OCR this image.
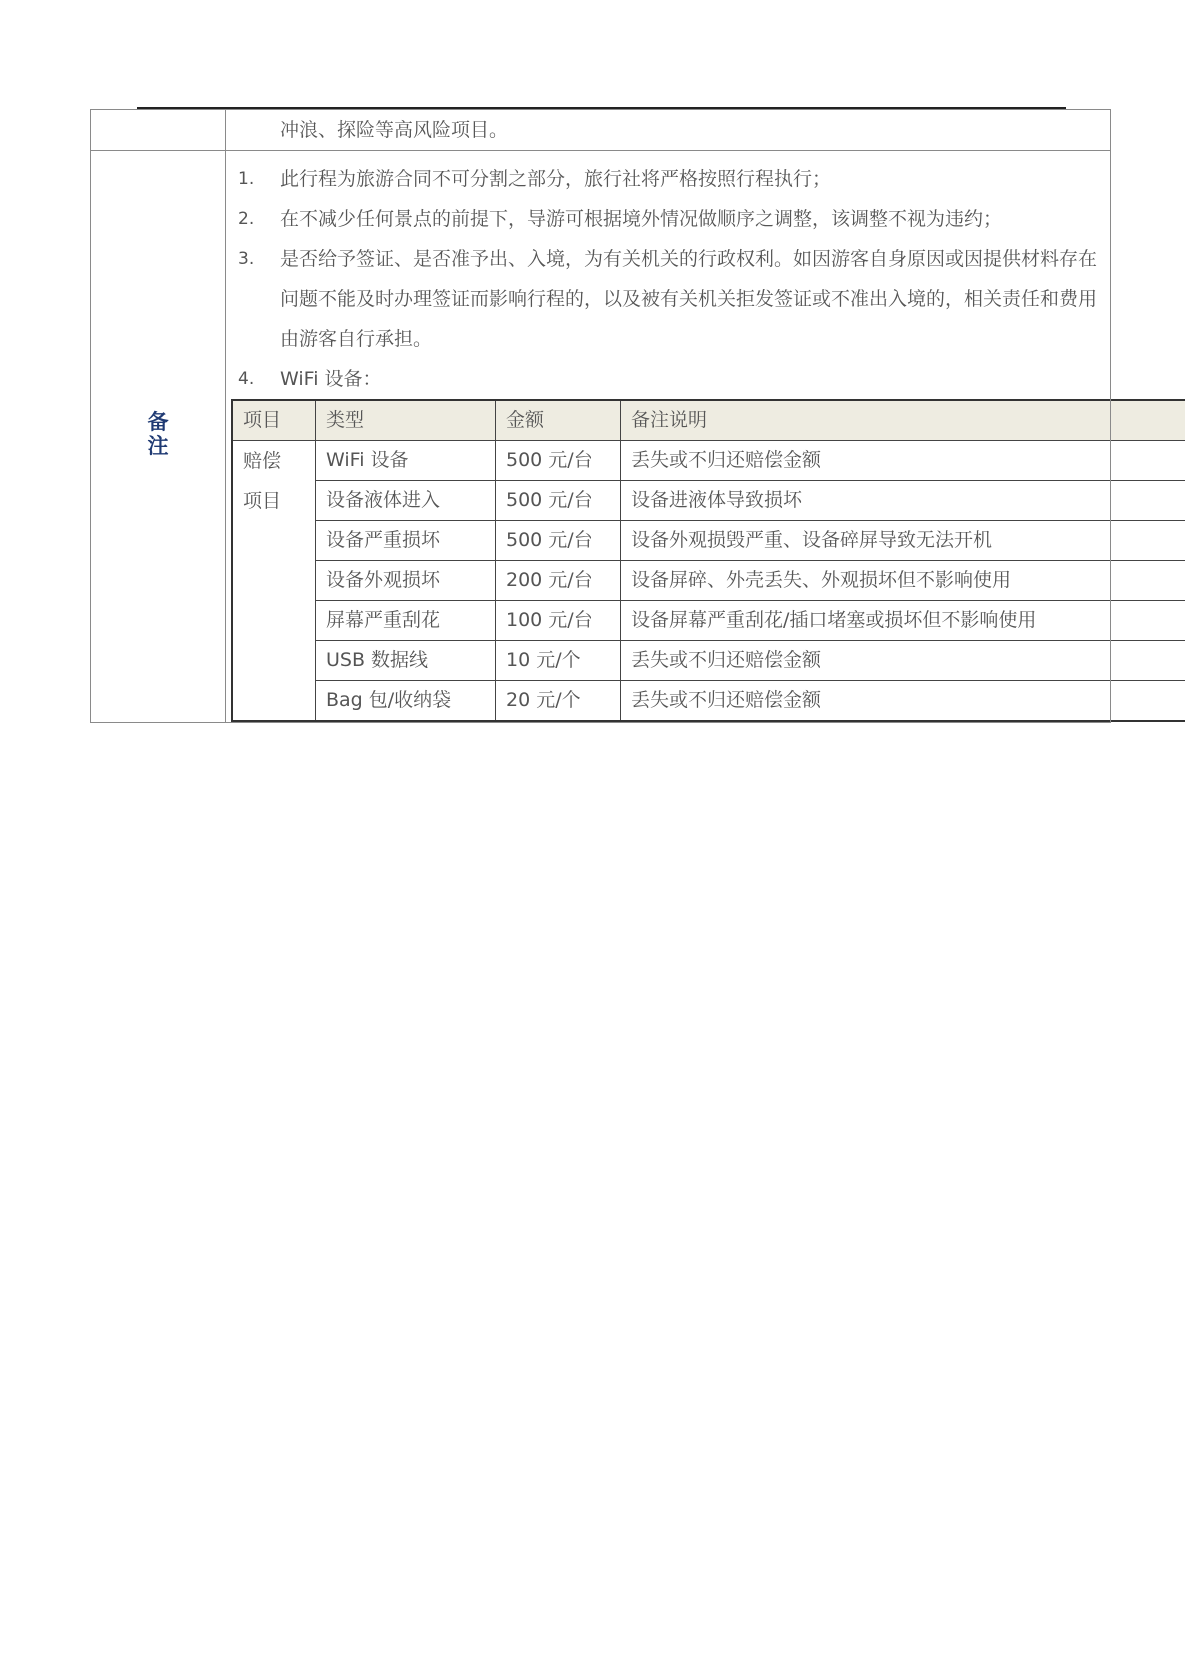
	冲浪、探险等高风险项目。
备注	
1.	此行程为旅游合同不可分割之部分，旅行社将严格按照行程执行；
2.	在不减少任何景点的前提下，导游可根据境外情况做顺序之调整，该调整不视为违约；
3.	是否给予签证、是否准予出、入境，为有关机关的行政权利。如因游客自身原因或因提供材料存在问题不能及时办理签证而影响行程的，以及被有关机关拒发签证或不准出入境的，相关责任和费用由游客自行承担。
4.	WiFi 设备：
项目	类型	金额	备注说明

赔偿项目
	WiFi 设备	500 元/台	丢失或不归还赔偿金额
设备液体进入	500 元/台	设备进液体导致损坏
设备严重损坏	500 元/台	设备外观损毁严重、设备碎屏导致无法开机
设备外观损坏	200 元/台	设备屏碎、外壳丢失、外观损坏但不影响使用
屏幕严重刮花	100 元/台	设备屏幕严重刮花/插口堵塞或损坏但不影响使用
USB 数据线	10 元/个	丢失或不归还赔偿金额
Bag 包/收纳袋	20 元/个	丢失或不归还赔偿金额
